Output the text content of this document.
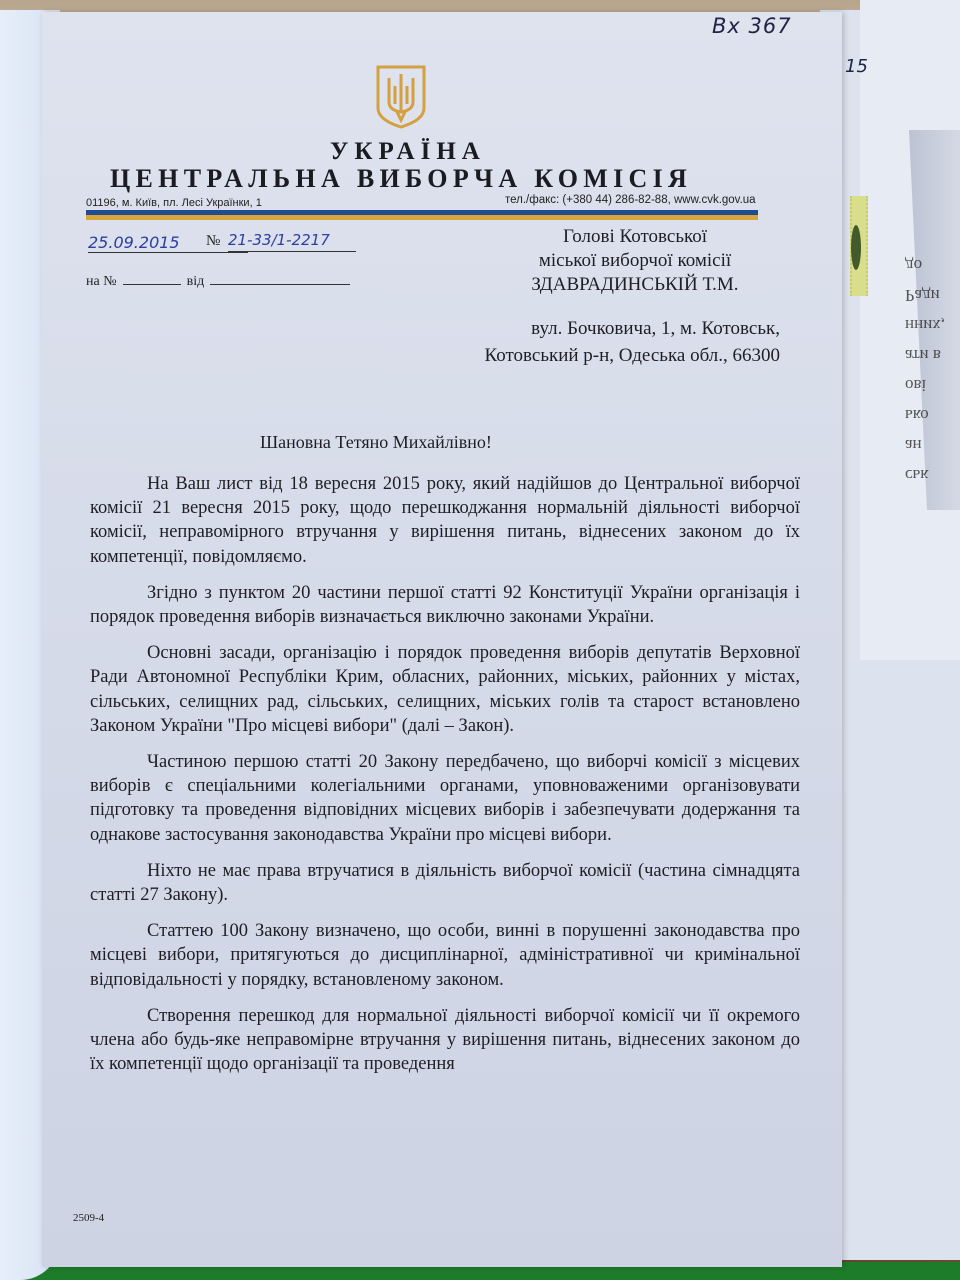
ськ
ан
ько
ові
ати в
нних,
Ради
до
15
Вх 367
УКРАЇНА
ЦЕНТРАЛЬНА ВИБОРЧА КОМІСІЯ
01196, м. Київ, пл. Лесі Українки, 1	тел./факс: (+380 44) 286-82-88, www.cvk.gov.ua
25.09.2015	№ 21-33/1-2217
на №	від
Голові Котовської
міської виборчої комісії
ЗДАВРАДИНСЬКІЙ Т.М.
вул. Бочковича, 1, м. Котовськ,
Котовський р-н, Одеська обл., 66300
Шановна Тетяно Михайлівно!

На Ваш лист від 18 вересня 2015 року, який надійшов до Центральної виборчої комісії 21 вересня 2015 року, щодо перешкоджання нормальній діяльності виборчої комісії, неправомірного втручання у вирішення питань, віднесених законом до їх компетенції, повідомляємо.

Згідно з пунктом 20 частини першої статті 92 Конституції України організація і порядок проведення виборів визначається виключно законами України.

Основні засади, організацію і порядок проведення виборів депутатів Верховної Ради Автономної Республіки Крим, обласних, районних, міських, районних у містах, сільських, селищних рад, сільських, селищних, міських голів та старост встановлено Законом України "Про місцеві вибори" (далі – Закон).

Частиною першою статті 20 Закону передбачено, що виборчі комісії з місцевих виборів є спеціальними колегіальними органами, уповноваженими організовувати підготовку та проведення відповідних місцевих виборів і забезпечувати додержання та однакове застосування законодавства України про місцеві вибори.

Ніхто не має права втручатися в діяльність виборчої комісії (частина сімнадцята статті 27 Закону).

Статтею 100 Закону визначено, що особи, винні в порушенні законодавства про місцеві вибори, притягуються до дисциплінарної, адміністративної чи кримінальної відповідальності у порядку, встановленому законом.

Створення перешкод для нормальної діяльності виборчої комісії чи її окремого члена або будь-яке неправомірне втручання у вирішення питань, віднесених законом до їх компетенції щодо організації та проведення

2509-4
